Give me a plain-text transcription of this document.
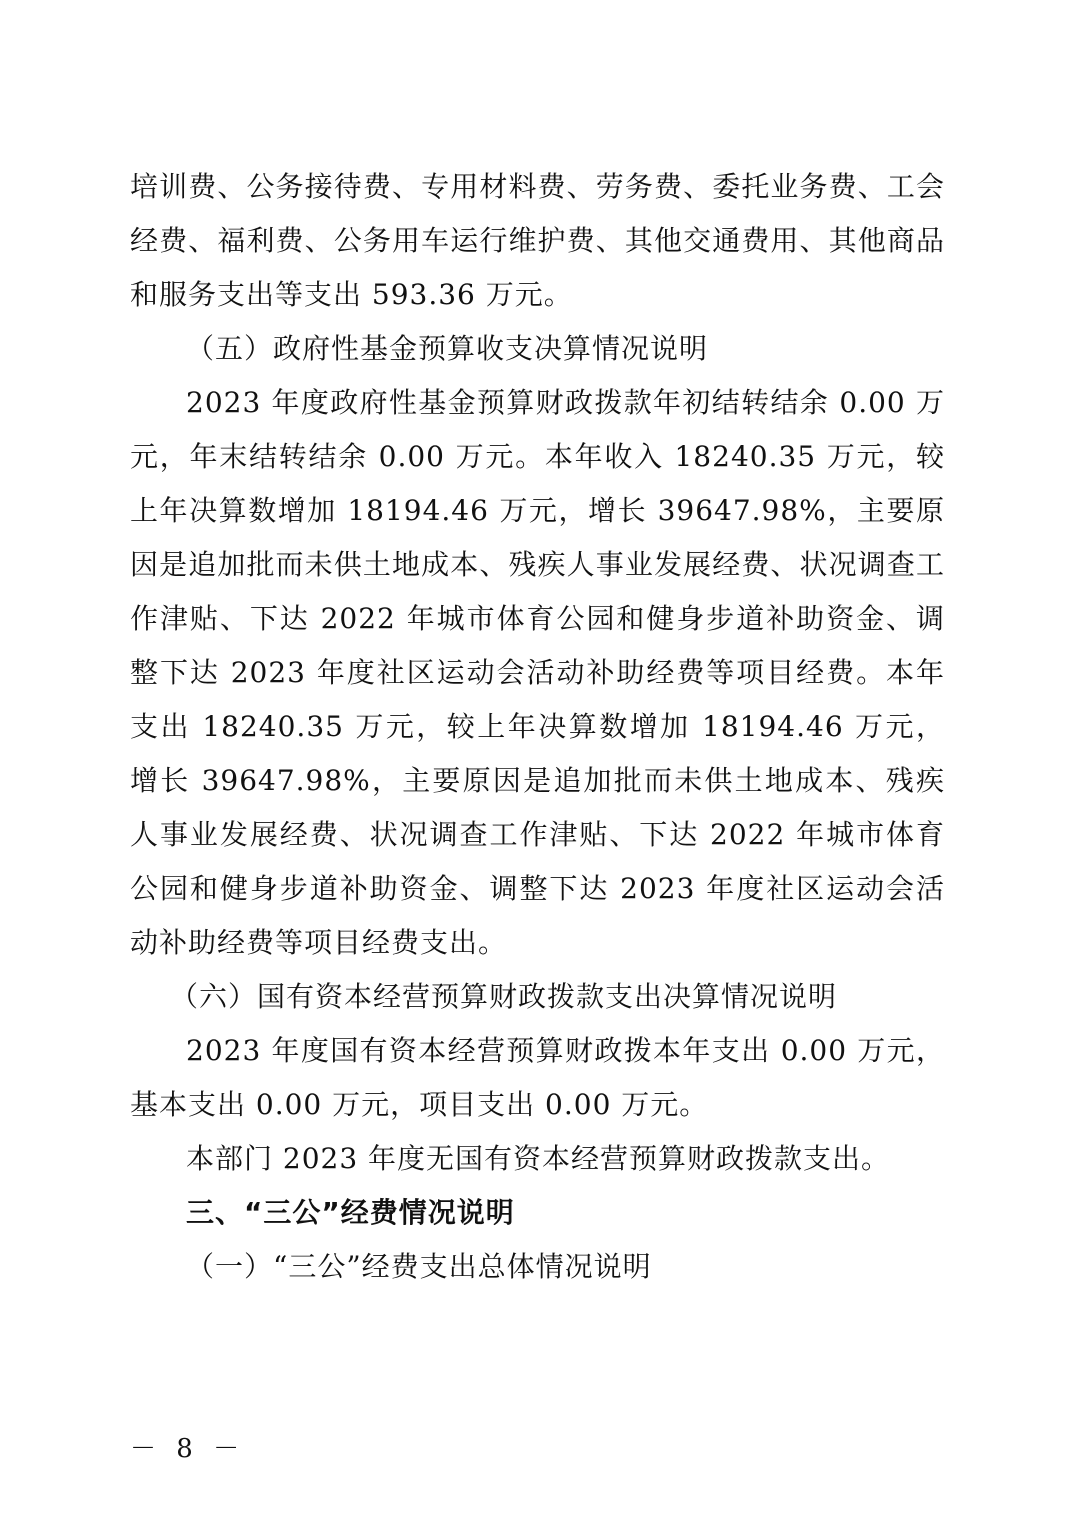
培训费、公务接待费、专用材料费、劳务费、委托业务费、工会经费、福利费、公务用车运行维护费、其他交通费用、其他商品和服务支出等支出 593.36 万元。

（五）政府性基金预算收支决算情况说明

2023 年度政府性基金预算财政拨款年初结转结余 0.00 万元，年末结转结余 0.00 万元。本年收入 18240.35 万元，较上年决算数增加 18194.46 万元，增长 39647.98%，主要原因是追加批而未供土地成本、残疾人事业发展经费、状况调查工作津贴、下达 2022 年城市体育公园和健身步道补助资金、调整下达 2023 年度社区运动会活动补助经费等项目经费。本年支出 18240.35 万元，较上年决算数增加 18194.46 万元，增长 39647.98%，主要原因是追加批而未供土地成本、残疾人事业发展经费、状况调查工作津贴、下达 2022 年城市体育公园和健身步道补助资金、调整下达 2023 年度社区运动会活动补助经费等项目经费支出。

（六）国有资本经营预算财政拨款支出决算情况说明

2023 年度国有资本经营预算财政拨本年支出 0.00 万元，基本支出 0.00 万元，项目支出 0.00 万元。

本部门 2023 年度无国有资本经营预算财政拨款支出。

三、“三公”经费情况说明

（一）“三公”经费支出总体情况说明

－ 8 －
